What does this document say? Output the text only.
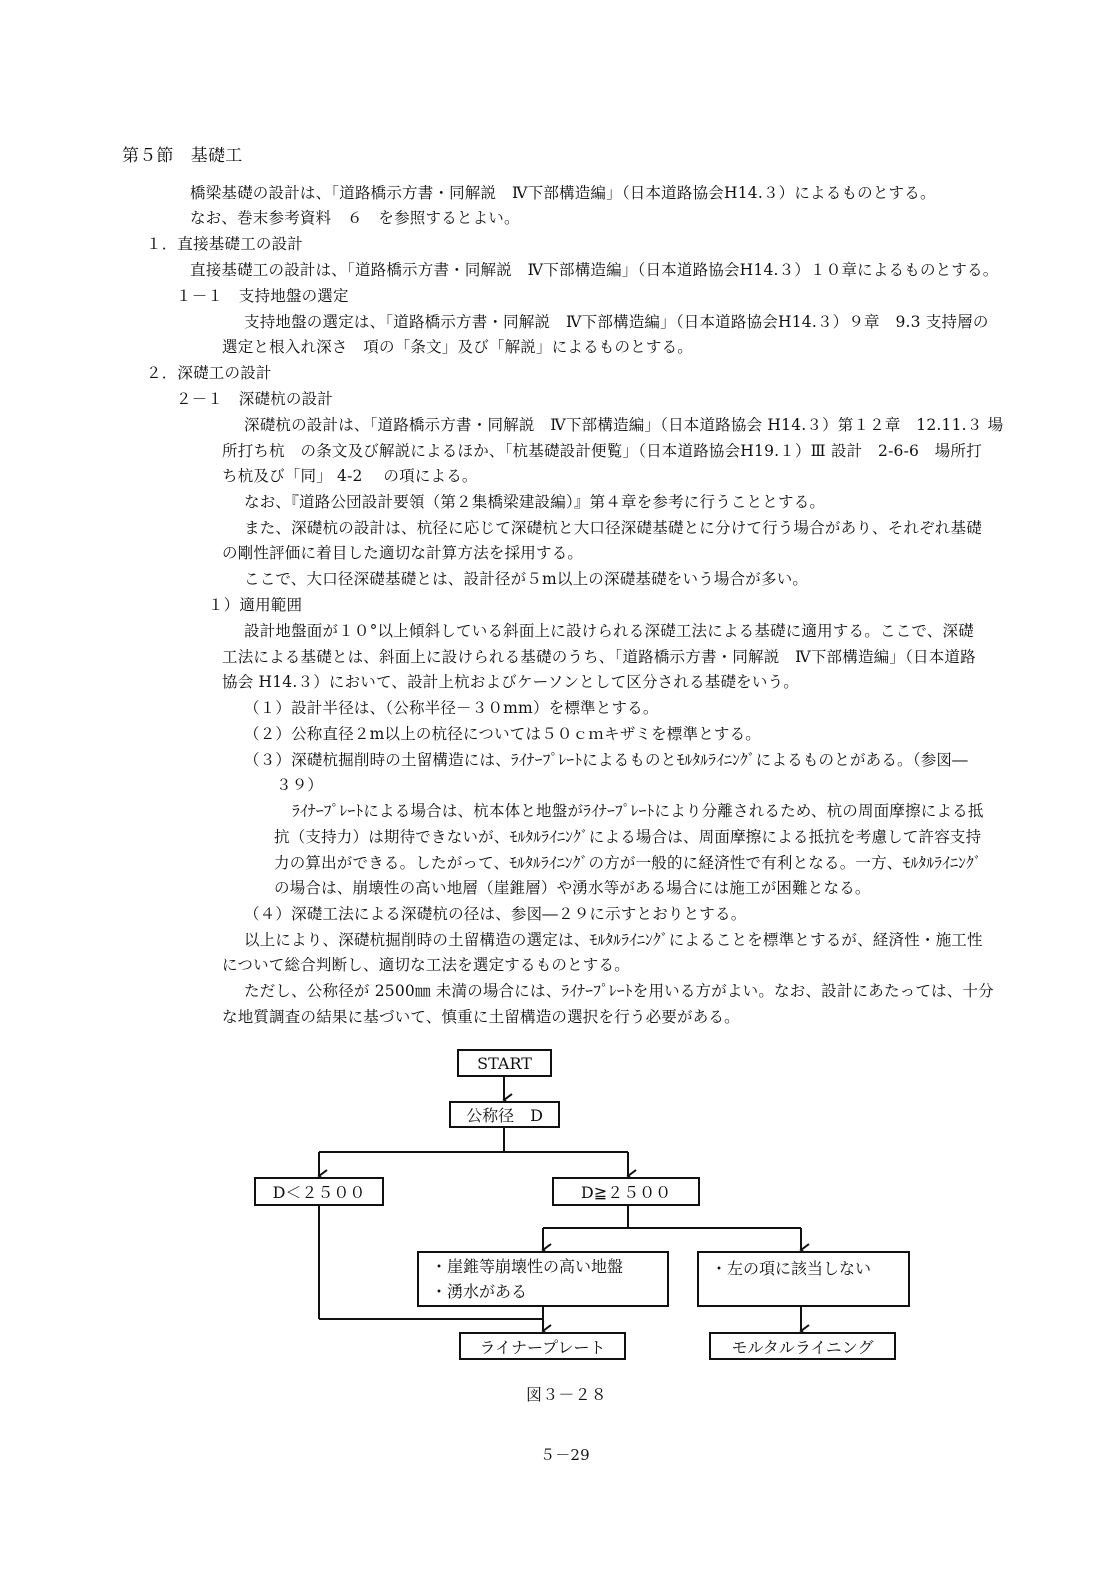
第５節　基礎工
橋梁基礎の設計は、「道路橋示方書・同解説　Ⅳ下部構造編」（日本道路協会H14.３）によるものとする。
なお、巻末参考資料　６　を参照するとよい。
１．直接基礎工の設計
直接基礎工の設計は、「道路橋示方書・同解説　Ⅳ下部構造編」（日本道路協会H14.３）１０章によるものとする。
１－１　支持地盤の選定
支持地盤の選定は、「道路橋示方書・同解説　Ⅳ下部構造編」（日本道路協会H14.３）９章　9.3 支持層の
選定と根入れ深さ　項の「条文」及び「解説」によるものとする。
２．深礎工の設計
２－１　深礎杭の設計
深礎杭の設計は、「道路橋示方書・同解説　Ⅳ下部構造編」（日本道路協会 H14.３）第１２章　12.11.３ 場
所打ち杭　の条文及び解説によるほか、「杭基礎設計便覧」（日本道路協会H19.１）Ⅲ 設計　2-6-6　場所打
ち杭及び「同」 4-2　 の項による。
なお、『道路公団設計要領（第２集橋梁建設編）』第４章を参考に行うこととする。
また、深礎杭の設計は、杭径に応じて深礎杭と大口径深礎基礎とに分けて行う場合があり、それぞれ基礎
の剛性評価に着目した適切な計算方法を採用する。
ここで、大口径深礎基礎とは、設計径が５m以上の深礎基礎をいう場合が多い。
１）適用範囲
設計地盤面が１０°以上傾斜している斜面上に設けられる深礎工法による基礎に適用する。ここで、深礎
工法による基礎とは、斜面上に設けられる基礎のうち、「道路橋示方書・同解説　Ⅳ下部構造編」（日本道路
協会 H14.３）において、設計上杭およびケーソンとして区分される基礎をいう。
（１）設計半径は、（公称半径－３０mm）を標準とする。
（２）公称直径２m以上の杭径については５０ｃｍキザミを標準とする。
（３）深礎杭掘削時の土留構造には、ﾗｲﾅｰﾌﾟﾚｰﾄによるものとﾓﾙﾀﾙﾗｲﾆﾝｸﾞによるものとがある。（参図―
３９）
ﾗｲﾅｰﾌﾟﾚｰﾄによる場合は、杭本体と地盤がﾗｲﾅｰﾌﾟﾚｰﾄにより分離されるため、杭の周面摩擦による抵
抗（支持力）は期待できないが、ﾓﾙﾀﾙﾗｲﾆﾝｸﾞによる場合は、周面摩擦による抵抗を考慮して許容支持
力の算出ができる。したがって、ﾓﾙﾀﾙﾗｲﾆﾝｸﾞの方が一般的に経済性で有利となる。一方、ﾓﾙﾀﾙﾗｲﾆﾝｸﾞ
の場合は、崩壊性の高い地層（崖錐層）や湧水等がある場合には施工が困難となる。
（４）深礎工法による深礎杭の径は、参図―２９に示すとおりとする。
以上により、深礎杭掘削時の土留構造の選定は、ﾓﾙﾀﾙﾗｲﾆﾝｸﾞによることを標準とするが、経済性・施工性
について総合判断し、適切な工法を選定するものとする。
ただし、公称径が 2500㎜ 未満の場合には、ﾗｲﾅｰﾌﾟﾚｰﾄを用いる方がよい。なお、設計にあたっては、十分
な地質調査の結果に基づいて、慎重に土留構造の選択を行う必要がある。
START
公称径　D
D＜２５００	D≧２５００
・崖錐等崩壊性の高い地盤
・湧水がある
・左の項に該当しない
ライナープレート	モルタルライニング
図３－２８
５－29
